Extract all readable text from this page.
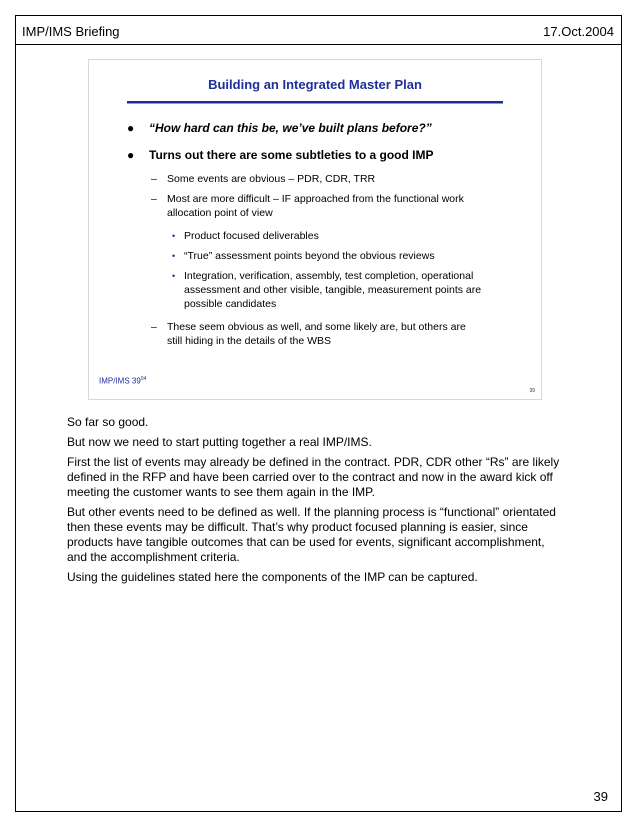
IMP/IMS Briefing	17.Oct.2004
Building an Integrated Master Plan
● “How hard can this be, we’ve built plans before?”
● Turns out there are some subtleties to a good IMP
– Some events are obvious – PDR, CDR, TRR
– Most are more difficult – IF approached from the functional work
allocation point of view
• Product focused deliverables
• “True” assessment points beyond the obvious reviews
• Integration, verification, assembly, test completion, operational
assessment and other visible, tangible, measurement points are
possible candidates
– These seem obvious as well, and some likely are, but others are
still hiding in the details of the WBS
IMP/IMS $39^{04}$
39

So far so good.

But now we need to start putting together a real IMP/IMS.

First the list of events may already be defined in the contract. PDR, CDR other “Rs” are likely defined in the RFP and have been carried over to the contract and now in the award kick off meeting the customer wants to see them again in the IMP.

But other events need to be defined as well. If the planning process is “functional” orientated then these events may be difficult. That’s why product focused planning is easier, since products have tangible outcomes that can be used for events, significant accomplishment, and the accomplishment criteria.

Using the guidelines stated here the components of the IMP can be captured.

39
